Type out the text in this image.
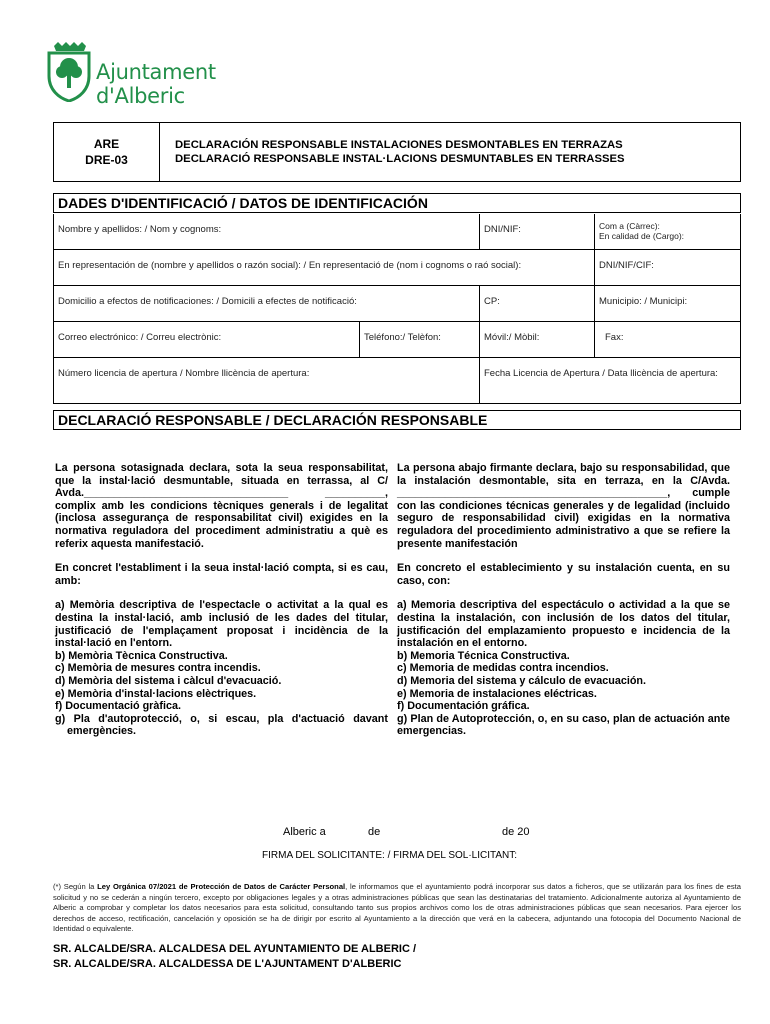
Ajuntament d'Alberic
ARE
DRE-03
DECLARACIÓN RESPONSABLE INSTALACIONES DESMONTABLES EN TERRAZAS
DECLARACIÓ RESPONSABLE INSTAL·LACIONS DESMUNTABLES EN TERRASSES
DADES D'IDENTIFICACIÓ / DATOS DE IDENTIFICACIÓN
Nombre y apellidos: / Nom y cognoms:	DNI/NIF:	Com a (Càrrec):
En calidad de (Cargo):
En representación de (nombre y apellidos o razón social): / En representació de (nom i cognoms o raó social):	DNI/NIF/CIF:
Domicilio a efectos de notificaciones: / Domicili a efectes de notificació:	CP:	Municipio: / Municipi:
Correo electrónico: / Correu electrònic:	Teléfono:/ Telèfon:	Móvil:/ Mòbil:	Fax:
Número licencia de apertura / Nombre llicència de apertura:	Fecha Licencia de Apertura / Data llicència de apertura:
DECLARACIÓ RESPONSABLE / DECLARACIÓN RESPONSABLE

La persona sotasignada declara, sota la seua responsabilitat, que la instal·lació desmuntable, situada en terrassa, al C/ Avda.__________________________________ __________, complix amb les condicions tècniques generals i de legalitat (inclosa assegurança de responsabilitat civil) exigides en la normativa reguladora del procediment administratiu a què es referix aquesta manifestació.

En concret l'establiment i la seua instal·lació compta, si es cau, amb:

a) Memòria descriptiva de l'espectacle o activitat a la qual es destina la instal·lació, amb inclusió de les dades del titular, justificació de l'emplaçament proposat i incidència de la instal·lació en l'entorn.

b) Memòria Tècnica Constructiva.

c) Memòria de mesures contra incendis.

d) Memòria del sistema i càlcul d'evacuació.

e) Memòria d'instal·lacions elèctriques.

f) Documentació gràfica.

g) Pla d'autoprotecció, o, si escau, pla d'actuació davant emergències.

La persona abajo firmante declara, bajo su responsabilidad, que la instalación desmontable, sita en terraza, en la C/Avda. _____________________________________________, cumple con las condiciones técnicas generales y de legalidad (incluido seguro de responsabilidad civil) exigidas en la normativa reguladora del procedimiento administrativo a que se refiere la presente manifestación

En concreto el establecimiento y su instalación cuenta, en su caso, con:

a) Memoria descriptiva del espectáculo o actividad a la que se destina la instalación, con inclusión de los datos del titular, justificación del emplazamiento propuesto e incidencia de la instalación en el entorno.

b) Memoria Técnica Constructiva.

c) Memoria de medidas contra incendios.

d) Memoria del sistema y cálculo de evacuación.

e) Memoria de instalaciones eléctricas.

f) Documentación gráfica.

g) Plan de Autoprotección, o, en su caso, plan de actuación ante emergencias.

Alberic a	de	de 20
FIRMA DEL SOLICITANTE: / FIRMA DEL SOL·LICITANT:
(*) Según la Ley Orgánica 07/2021 de Protección de Datos de Carácter Personal, le informamos que el ayuntamiento podrá incorporar sus datos a ficheros, que se utilizarán para los fines de esta solicitud y no se cederán a ningún tercero, excepto por obligaciones legales y a otras administraciones públicas que sean las destinatarias del tratamiento. Adicionalmente autoriza al Ayuntamiento de Alberic a comprobar y completar los datos necesarios para esta solicitud, consultando tanto sus propios archivos como los de otras administraciones públicas que sean necesarios. Para ejercer los derechos de acceso, rectificación, cancelación y oposición se ha de dirigir por escrito al Ayuntamiento a la dirección que verá en la cabecera, adjuntando una fotocopia del Documento Nacional de Identidad o equivalente.
SR. ALCALDE/SRA. ALCALDESA DEL AYUNTAMIENTO DE ALBERIC /
SR. ALCALDE/SRA. ALCALDESSA DE L'AJUNTAMENT D'ALBERIC
